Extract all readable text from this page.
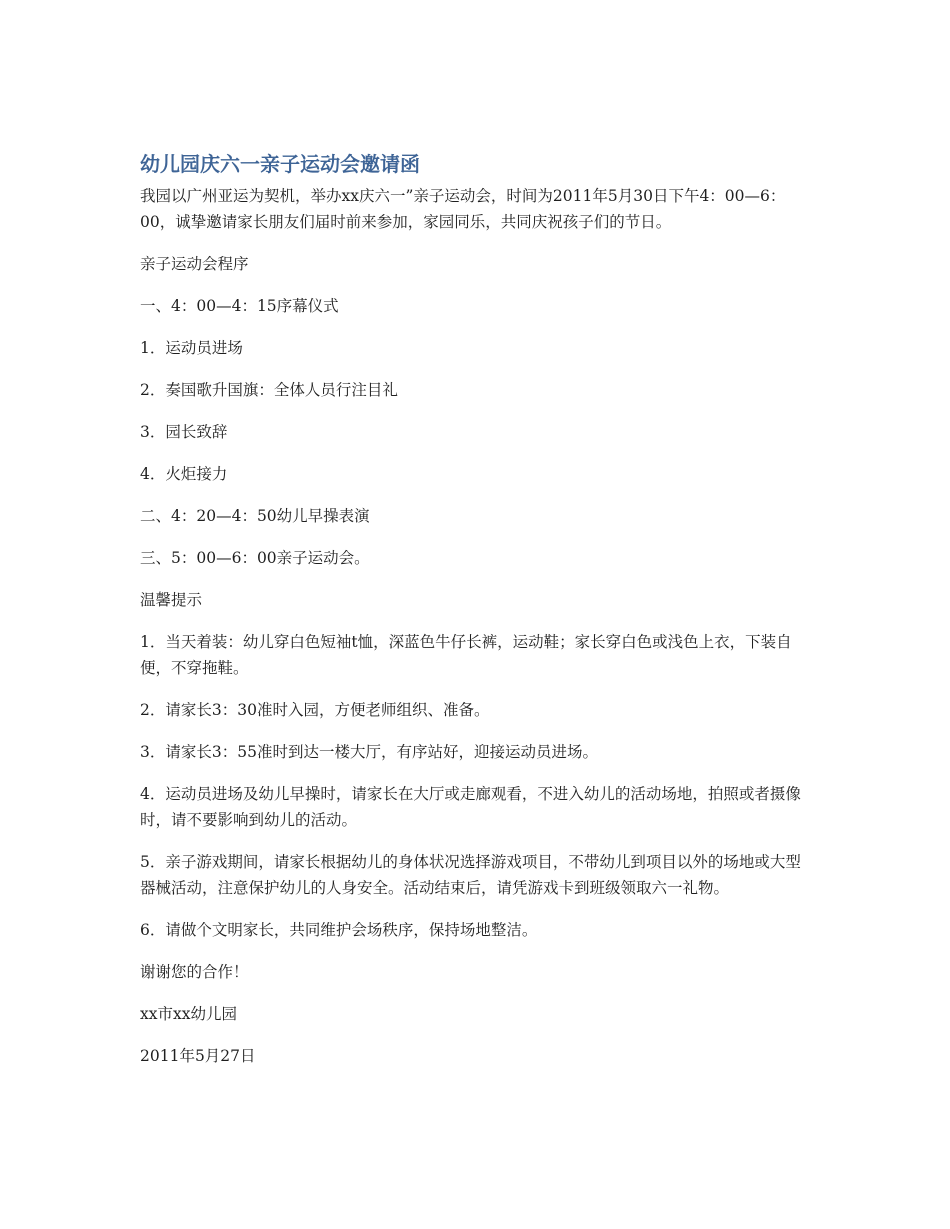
幼儿园庆六一亲子运动会邀请函

我园以广州亚运为契机，举办xx庆六一”亲子运动会，时间为2011年5月30日下午4：00—6：00，诚挚邀请家长朋友们届时前来参加，家园同乐，共同庆祝孩子们的节日。

亲子运动会程序

一、4：00—4：15序幕仪式

1．运动员进场

2．奏国歌升国旗：全体人员行注目礼

3．园长致辞

4．火炬接力

二、4：20—4：50幼儿早操表演

三、5：00—6：00亲子运动会。

温馨提示

1．当天着装：幼儿穿白色短袖t恤，深蓝色牛仔长裤，运动鞋；家长穿白色或浅色上衣，下装自便，不穿拖鞋。

2．请家长3：30准时入园，方便老师组织、准备。

3．请家长3：55准时到达一楼大厅，有序站好，迎接运动员进场。

4．运动员进场及幼儿早操时，请家长在大厅或走廊观看，不进入幼儿的活动场地，拍照或者摄像时，请不要影响到幼儿的活动。

5．亲子游戏期间，请家长根据幼儿的身体状况选择游戏项目，不带幼儿到项目以外的场地或大型器械活动，注意保护幼儿的人身安全。活动结束后，请凭游戏卡到班级领取六一礼物。

6．请做个文明家长，共同维护会场秩序，保持场地整洁。

谢谢您的合作！

xx市xx幼儿园

2011年5月27日
